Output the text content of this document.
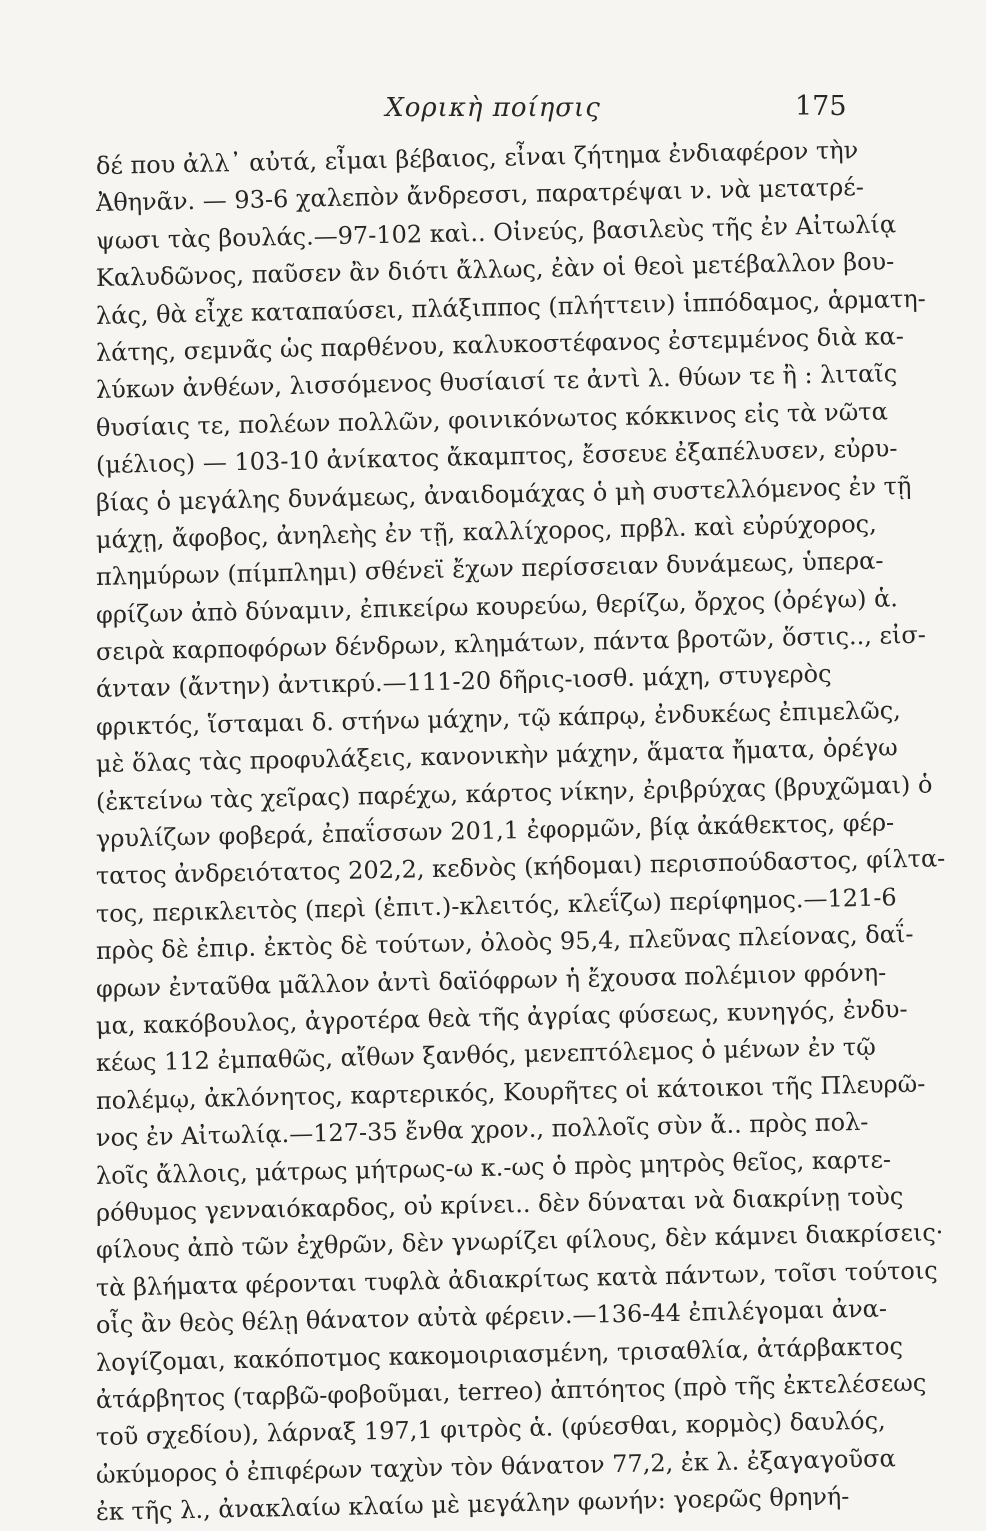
Χορικὴ ποίησις	175
δέ που ἀλλ᾽ αὐτά, εἶμαι βέβαιος, εἶναι ζήτημα ἐνδιαφέρον τὴν
Ἀθηνᾶν. — 93-6 χαλεπὸν ἄνδρεσσι, παρατρέψαι ν. νὰ μετατρέ-
ψωσι τὰς βουλάς.—97-102 καὶ.. Οἰνεύς, βασιλεὺς τῆς ἐν Αἰτωλίᾳ
Καλυδῶνος, παῦσεν ἂν διότι ἄλλως, ἐὰν οἱ θεοὶ μετέβαλλον βου-
λάς, θὰ εἶχε καταπαύσει, πλάξιππος (πλήττειν) ἱππόδαμος, ἁρματη-
λάτης, σεμνᾶς ὡς παρθένου, καλυκοστέφανος ἐστεμμένος διὰ κα-
λύκων ἀνθέων, λισσόμενος θυσίαισί τε ἀντὶ λ. θύων τε ἢ : λιταῖς
θυσίαις τε, πολέων πολλῶν, φοινικόνωτος κόκκινος εἰς τὰ νῶτα
(μέλιος) — 103-10 ἀνίκατος ἄκαμπτος, ἔσσευε ἐξαπέλυσεν, εὐρυ-
βίας ὁ μεγάλης δυνάμεως, ἀναιδομάχας ὁ μὴ συστελλόμενος ἐν τῇ
μάχῃ, ἄφοβος, ἀνηλεὴς ἐν τῇ, καλλίχορος, πρβλ. καὶ εὐρύχορος,
πλημύρων (πίμπλημι) σθένεϊ ἔχων περίσσειαν δυνάμεως, ὑπερα-
φρίζων ἀπὸ δύναμιν, ἐπικείρω κουρεύω, θερίζω, ὄρχος (ὀρέγω) ἁ.
σειρὰ καρποφόρων δένδρων, κλημάτων, πάντα βροτῶν, ὅστις.., εἰσ-
άνταν (ἄντην) ἀντικρύ.—111-20 δῆρις-ιοσθ. μάχη, στυγερὸς
φρικτός, ἵσταμαι δ. στήνω μάχην, τῷ κάπρῳ, ἐνδυκέως ἐπιμελῶς,
μὲ ὅλας τὰς προφυλάξεις, κανονικὴν μάχην, ἅματα ἤματα, ὀρέγω
(ἐκτείνω τὰς χεῖρας) παρέχω, κάρτος νίκην, ἐριβρύχας (βρυχῶμαι) ὁ
γρυλίζων φοβερά, ἐπαΐσσων 201,1 ἐφορμῶν, βίᾳ ἀκάθεκτος, φέρ-
τατος ἀνδρειότατος 202,2, κεδνὸς (κήδομαι) περισπούδαστος, φίλτα-
τος, περικλειτὸς (περὶ (ἐπιτ.)-κλειτός, κλεΐζω) περίφημος.—121-6
πρὸς δὲ ἐπιρ. ἐκτὸς δὲ τούτων, ὀλοὸς 95,4, πλεῦνας πλείονας, δαΐ-
φρων ἐνταῦθα μᾶλλον ἀντὶ δαϊόφρων ἡ ἔχουσα πολέμιον φρόνη-
μα, κακόβουλος, ἀγροτέρα θεὰ τῆς ἀγρίας φύσεως, κυνηγός, ἐνδυ-
κέως 112 ἐμπαθῶς, αἴθων ξανθός, μενεπτόλεμος ὁ μένων ἐν τῷ
πολέμῳ, ἀκλόνητος, καρτερικός, Κουρῆτες οἱ κάτοικοι τῆς Πλευρῶ-
νος ἐν Αἰτωλίᾳ.—127-35 ἔνθα χρον., πολλοῖς σὺν ἄ.. πρὸς πολ-
λοῖς ἄλλοις, μάτρως μήτρως-ω κ.-ως ὁ πρὸς μητρὸς θεῖος, καρτε-
ρόθυμος γενναιόκαρδος, οὐ κρίνει.. δὲν δύναται νὰ διακρίνῃ τοὺς
φίλους ἀπὸ τῶν ἐχθρῶν, δὲν γνωρίζει φίλους, δὲν κάμνει διακρίσεις·
τὰ βλήματα φέρονται τυφλὰ ἀδιακρίτως κατὰ πάντων, τοῖσι τούτοις
οἷς ἂν θεὸς θέλῃ θάνατον αὐτὰ φέρειν.—136-44 ἐπιλέγομαι ἀνα-
λογίζομαι, κακόποτμος κακομοιριασμένη, τρισαθλία, ἀτάρβακτος
ἀτάρβητος (ταρβῶ-φοβοῦμαι, terreo) ἀπτόητος (πρὸ τῆς ἐκτελέσεως
τοῦ σχεδίου), λάρναξ 197,1 φιτρὸς ἁ. (φύεσθαι, κορμὸς) δαυλός,
ὠκύμορος ὁ ἐπιφέρων ταχὺν τὸν θάνατον 77,2, ἐκ λ. ἐξαγαγοῦσα
ἐκ τῆς λ., ἀνακλαίω κλαίω μὲ μεγάλην φωνήν: γοερῶς θρηνή-
